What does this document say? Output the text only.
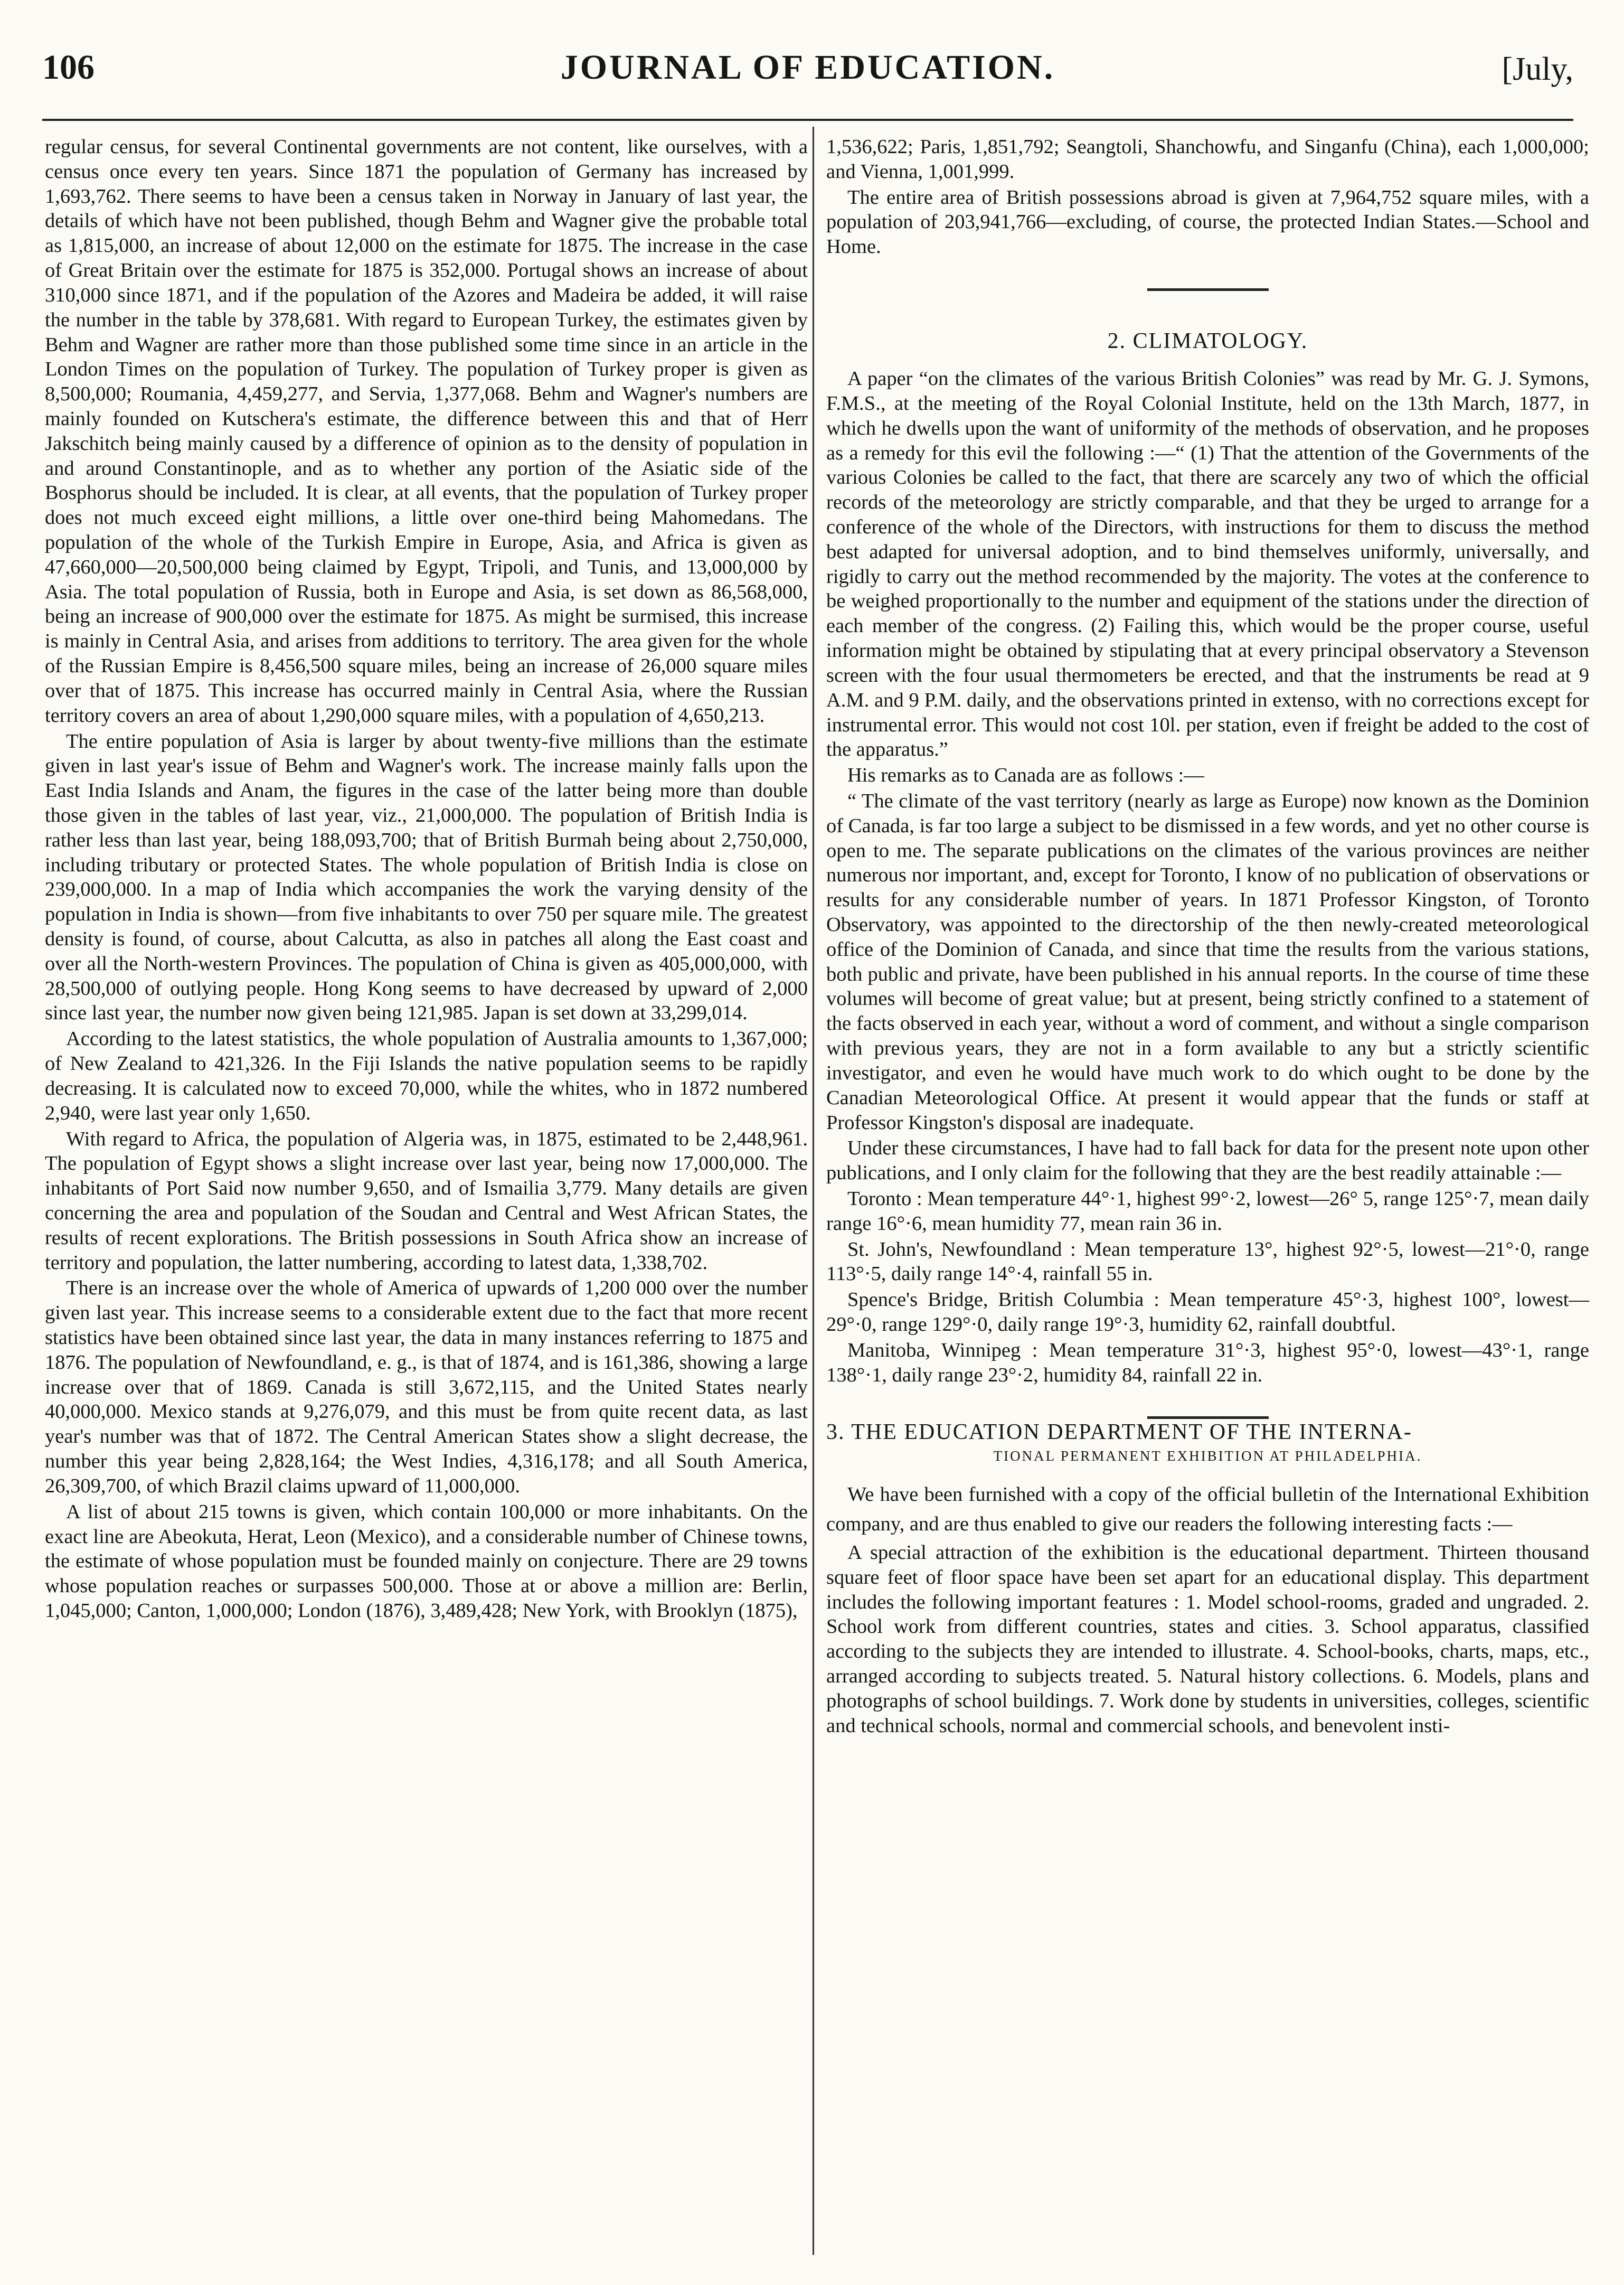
106	JOURNAL OF EDUCATION.	[July,

regular census, for several Continental governments are not content, like ourselves, with a census once every ten years. Since 1871 the population of Germany has increased by 1,693,762. There seems to have been a census taken in Norway in January of last year, the details of which have not been published, though Behm and Wagner give the probable total as 1,815,000, an increase of about 12,000 on the estimate for 1875. The increase in the case of Great Britain over the estimate for 1875 is 352,000. Portugal shows an increase of about 310,000 since 1871, and if the population of the Azores and Madeira be added, it will raise the number in the table by 378,681. With regard to European Turkey, the estimates given by Behm and Wagner are rather more than those published some time since in an article in the London Times on the population of Turkey. The population of Turkey proper is given as 8,500,000; Roumania, 4,459,277, and Servia, 1,377,068. Behm and Wagner's numbers are mainly founded on Kutschera's estimate, the difference between this and that of Herr Jakschitch being mainly caused by a difference of opinion as to the density of population in and around Constantinople, and as to whether any portion of the Asiatic side of the Bosphorus should be included. It is clear, at all events, that the population of Turkey proper does not much exceed eight millions, a little over one-third being Mahomedans. The population of the whole of the Turkish Empire in Europe, Asia, and Africa is given as 47,660,000—20,500,000 being claimed by Egypt, Tripoli, and Tunis, and 13,000,000 by Asia. The total population of Russia, both in Europe and Asia, is set down as 86,568,000, being an increase of 900,000 over the estimate for 1875. As might be surmised, this increase is mainly in Central Asia, and arises from additions to territory. The area given for the whole of the Russian Empire is 8,456,500 square miles, being an increase of 26,000 square miles over that of 1875. This increase has occurred mainly in Central Asia, where the Russian territory covers an area of about 1,290,000 square miles, with a population of 4,650,213.

The entire population of Asia is larger by about twenty-five millions than the estimate given in last year's issue of Behm and Wagner's work. The increase mainly falls upon the East India Islands and Anam, the figures in the case of the latter being more than double those given in the tables of last year, viz., 21,000,000. The population of British India is rather less than last year, being 188,093,700; that of British Burmah being about 2,750,000, including tributary or protected States. The whole population of British India is close on 239,000,000. In a map of India which accompanies the work the varying density of the population in India is shown—from five inhabitants to over 750 per square mile. The greatest density is found, of course, about Calcutta, as also in patches all along the East coast and over all the North-western Provinces. The population of China is given as 405,000,000, with 28,500,000 of outlying people. Hong Kong seems to have decreased by upward of 2,000 since last year, the number now given being 121,985. Japan is set down at 33,299,014.

According to the latest statistics, the whole population of Australia amounts to 1,367,000; of New Zealand to 421,326. In the Fiji Islands the native population seems to be rapidly decreasing. It is calculated now to exceed 70,000, while the whites, who in 1872 numbered 2,940, were last year only 1,650.

With regard to Africa, the population of Algeria was, in 1875, estimated to be 2,448,961. The population of Egypt shows a slight increase over last year, being now 17,000,000. The inhabitants of Port Said now number 9,650, and of Ismailia 3,779. Many details are given concerning the area and population of the Soudan and Central and West African States, the results of recent explorations. The British possessions in South Africa show an increase of territory and population, the latter numbering, according to latest data, 1,338,702.

There is an increase over the whole of America of upwards of 1,200 000 over the number given last year. This increase seems to a considerable extent due to the fact that more recent statistics have been obtained since last year, the data in many instances referring to 1875 and 1876. The population of Newfoundland, e. g., is that of 1874, and is 161,386, showing a large increase over that of 1869. Canada is still 3,672,115, and the United States nearly 40,000,000. Mexico stands at 9,276,079, and this must be from quite recent data, as last year's number was that of 1872. The Central American States show a slight decrease, the number this year being 2,828,164; the West Indies, 4,316,178; and all South America, 26,309,700, of which Brazil claims upward of 11,000,000.

A list of about 215 towns is given, which contain 100,000 or more inhabitants. On the exact line are Abeokuta, Herat, Leon (Mexico), and a considerable number of Chinese towns, the estimate of whose population must be founded mainly on conjecture. There are 29 towns whose population reaches or surpasses 500,000. Those at or above a million are: Berlin, 1,045,000; Canton, 1,000,000; London (1876), 3,489,428; New York, with Brooklyn (1875),

1,536,622; Paris, 1,851,792; Seangtoli, Shanchowfu, and Singanfu (China), each 1,000,000; and Vienna, 1,001,999.

The entire area of British possessions abroad is given at 7,964,752 square miles, with a population of 203,941,766—excluding, of course, the protected Indian States.—School and Home.

2. CLIMATOLOGY.

A paper “on the climates of the various British Colonies” was read by Mr. G. J. Symons, F.M.S., at the meeting of the Royal Colonial Institute, held on the 13th March, 1877, in which he dwells upon the want of uniformity of the methods of observation, and he proposes as a remedy for this evil the following :—“ (1) That the attention of the Governments of the various Colonies be called to the fact, that there are scarcely any two of which the official records of the meteorology are strictly comparable, and that they be urged to arrange for a conference of the whole of the Directors, with instructions for them to discuss the method best adapted for universal adoption, and to bind themselves uniformly, universally, and rigidly to carry out the method recommended by the majority. The votes at the conference to be weighed proportionally to the number and equipment of the stations under the direction of each member of the congress. (2) Failing this, which would be the proper course, useful information might be obtained by stipulating that at every principal observatory a Stevenson screen with the four usual thermometers be erected, and that the instruments be read at 9 A.M. and 9 P.M. daily, and the observations printed in extenso, with no corrections except for instrumental error. This would not cost 10l. per station, even if freight be added to the cost of the apparatus.”

His remarks as to Canada are as follows :—

“ The climate of the vast territory (nearly as large as Europe) now known as the Dominion of Canada, is far too large a subject to be dismissed in a few words, and yet no other course is open to me. The separate publications on the climates of the various provinces are neither numerous nor important, and, except for Toronto, I know of no publication of observations or results for any considerable number of years. In 1871 Professor Kingston, of Toronto Observatory, was appointed to the directorship of the then newly-created meteorological office of the Dominion of Canada, and since that time the results from the various stations, both public and private, have been published in his annual reports. In the course of time these volumes will become of great value; but at present, being strictly confined to a statement of the facts observed in each year, without a word of comment, and without a single comparison with previous years, they are not in a form available to any but a strictly scientific investigator, and even he would have much work to do which ought to be done by the Canadian Meteorological Office. At present it would appear that the funds or staff at Professor Kingston's disposal are inadequate.

Under these circumstances, I have had to fall back for data for the present note upon other publications, and I only claim for the following that they are the best readily attainable :—

Toronto : Mean temperature 44°·1, highest 99°·2, lowest—26° 5, range 125°·7, mean daily range 16°·6, mean humidity 77, mean rain 36 in.

St. John's, Newfoundland : Mean temperature 13°, highest 92°·5, lowest—21°·0, range 113°·5, daily range 14°·4, rainfall 55 in.

Spence's Bridge, British Columbia : Mean temperature 45°·3, highest 100°, lowest—29°·0, range 129°·0, daily range 19°·3, humidity 62, rainfall doubtful.

Manitoba, Winnipeg : Mean temperature 31°·3, highest 95°·0, lowest—43°·1, range 138°·1, daily range 23°·2, humidity 84, rainfall 22 in.

3. THE EDUCATION DEPARTMENT OF THE INTERNA-

TIONAL PERMANENT EXHIBITION AT PHILADELPHIA.

We have been furnished with a copy of the official bulletin of the International Exhibition company, and are thus enabled to give our readers the following interesting facts :—

A special attraction of the exhibition is the educational department. Thirteen thousand square feet of floor space have been set apart for an educational display. This department includes the following important features : 1. Model school-rooms, graded and ungraded. 2. School work from different countries, states and cities. 3. School apparatus, classified according to the subjects they are intended to illustrate. 4. School-books, charts, maps, etc., arranged according to subjects treated. 5. Natural history collections. 6. Models, plans and photographs of school buildings. 7. Work done by students in universities, colleges, scientific and technical schools, normal and commercial schools, and benevolent insti-
